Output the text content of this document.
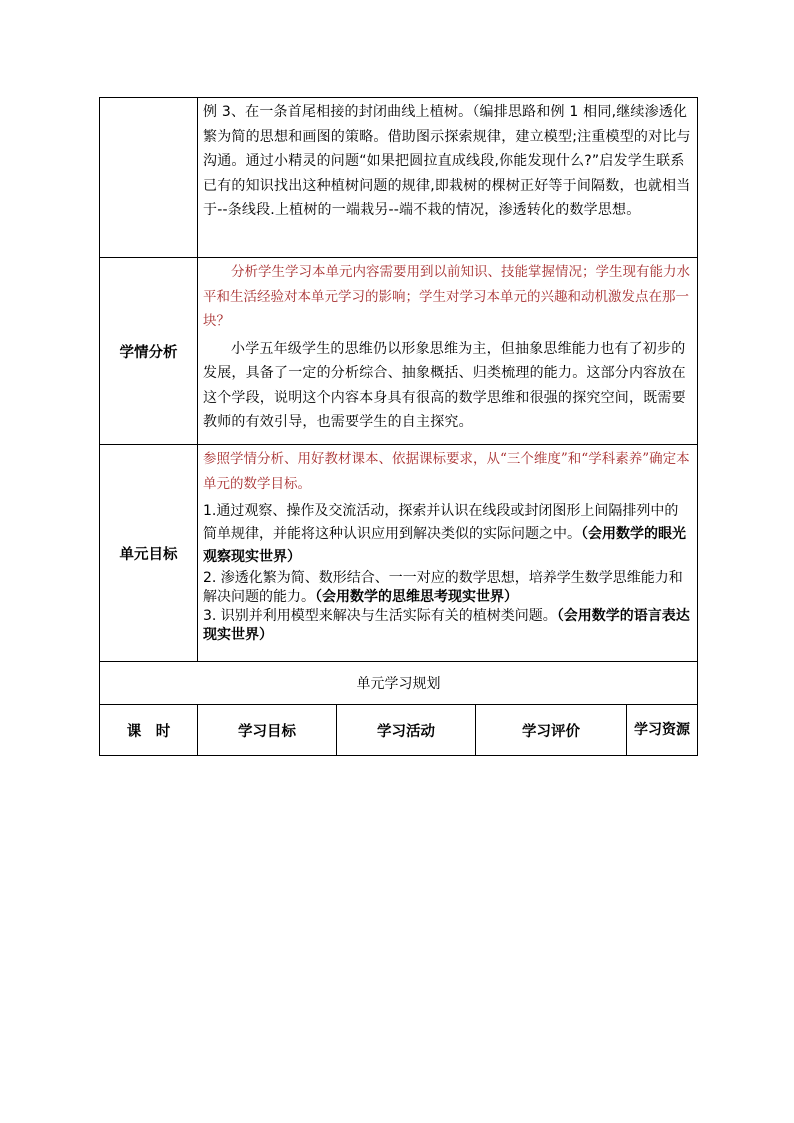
	例 3、在一条首尾相接的封闭曲线上植树。（编排思路和例 1 相同,继续渗透化繁为简的思想和画图的策略。借助图示探索规律，建立模型;注重模型的对比与沟通。通过小精灵的问题“如果把圆拉直成线段,你能发现什么?”启发学生联系已有的知识找出这种植树问题的规律,即栽树的棵树正好等于间隔数，也就相当于--条线段.上植树的一端栽另--端不栽的情况，渗透转化的数学思想。			

学情分析	分析学生学习本单元内容需要用到以前知识、技能掌握情况；学生现有能力水平和生活经验对本单元学习的影响；学生对学习本单元的兴趣和动机激发点在那一块？

小学五年级学生的思维仍以形象思维为主，但抽象思维能力也有了初步的发展，具备了一定的分析综合、抽象概括、归类梳理的能力。这部分内容放在这个学段，说明这个内容本身具有很高的数学思维和很强的探究空间，既需要教师的有效引导，也需要学生的自主探究。			

单元目标	参照学情分析、用好教材课本、依据课标要求，从“三个维度”和“学科素养”确定本单元的数学目标。

1.通过观察、操作及交流活动，探索并认识在线段或封闭图形上间隔排列中的简单规律，并能将这种认识应用到解决类似的实际问题之中。（会用数学的眼光观察现实世界）

2. 渗透化繁为简、数形结合、一一对应的数学思想，培养学生数学思维能力和解决问题的能力。（会用数学的思维思考现实世界）

3. 识别并利用模型来解决与生活实际有关的植树类问题。（会用数学的语言表达现实世界）			

单元学习规划				
课　时	学习目标	学习活动	学习评价	学习资源
